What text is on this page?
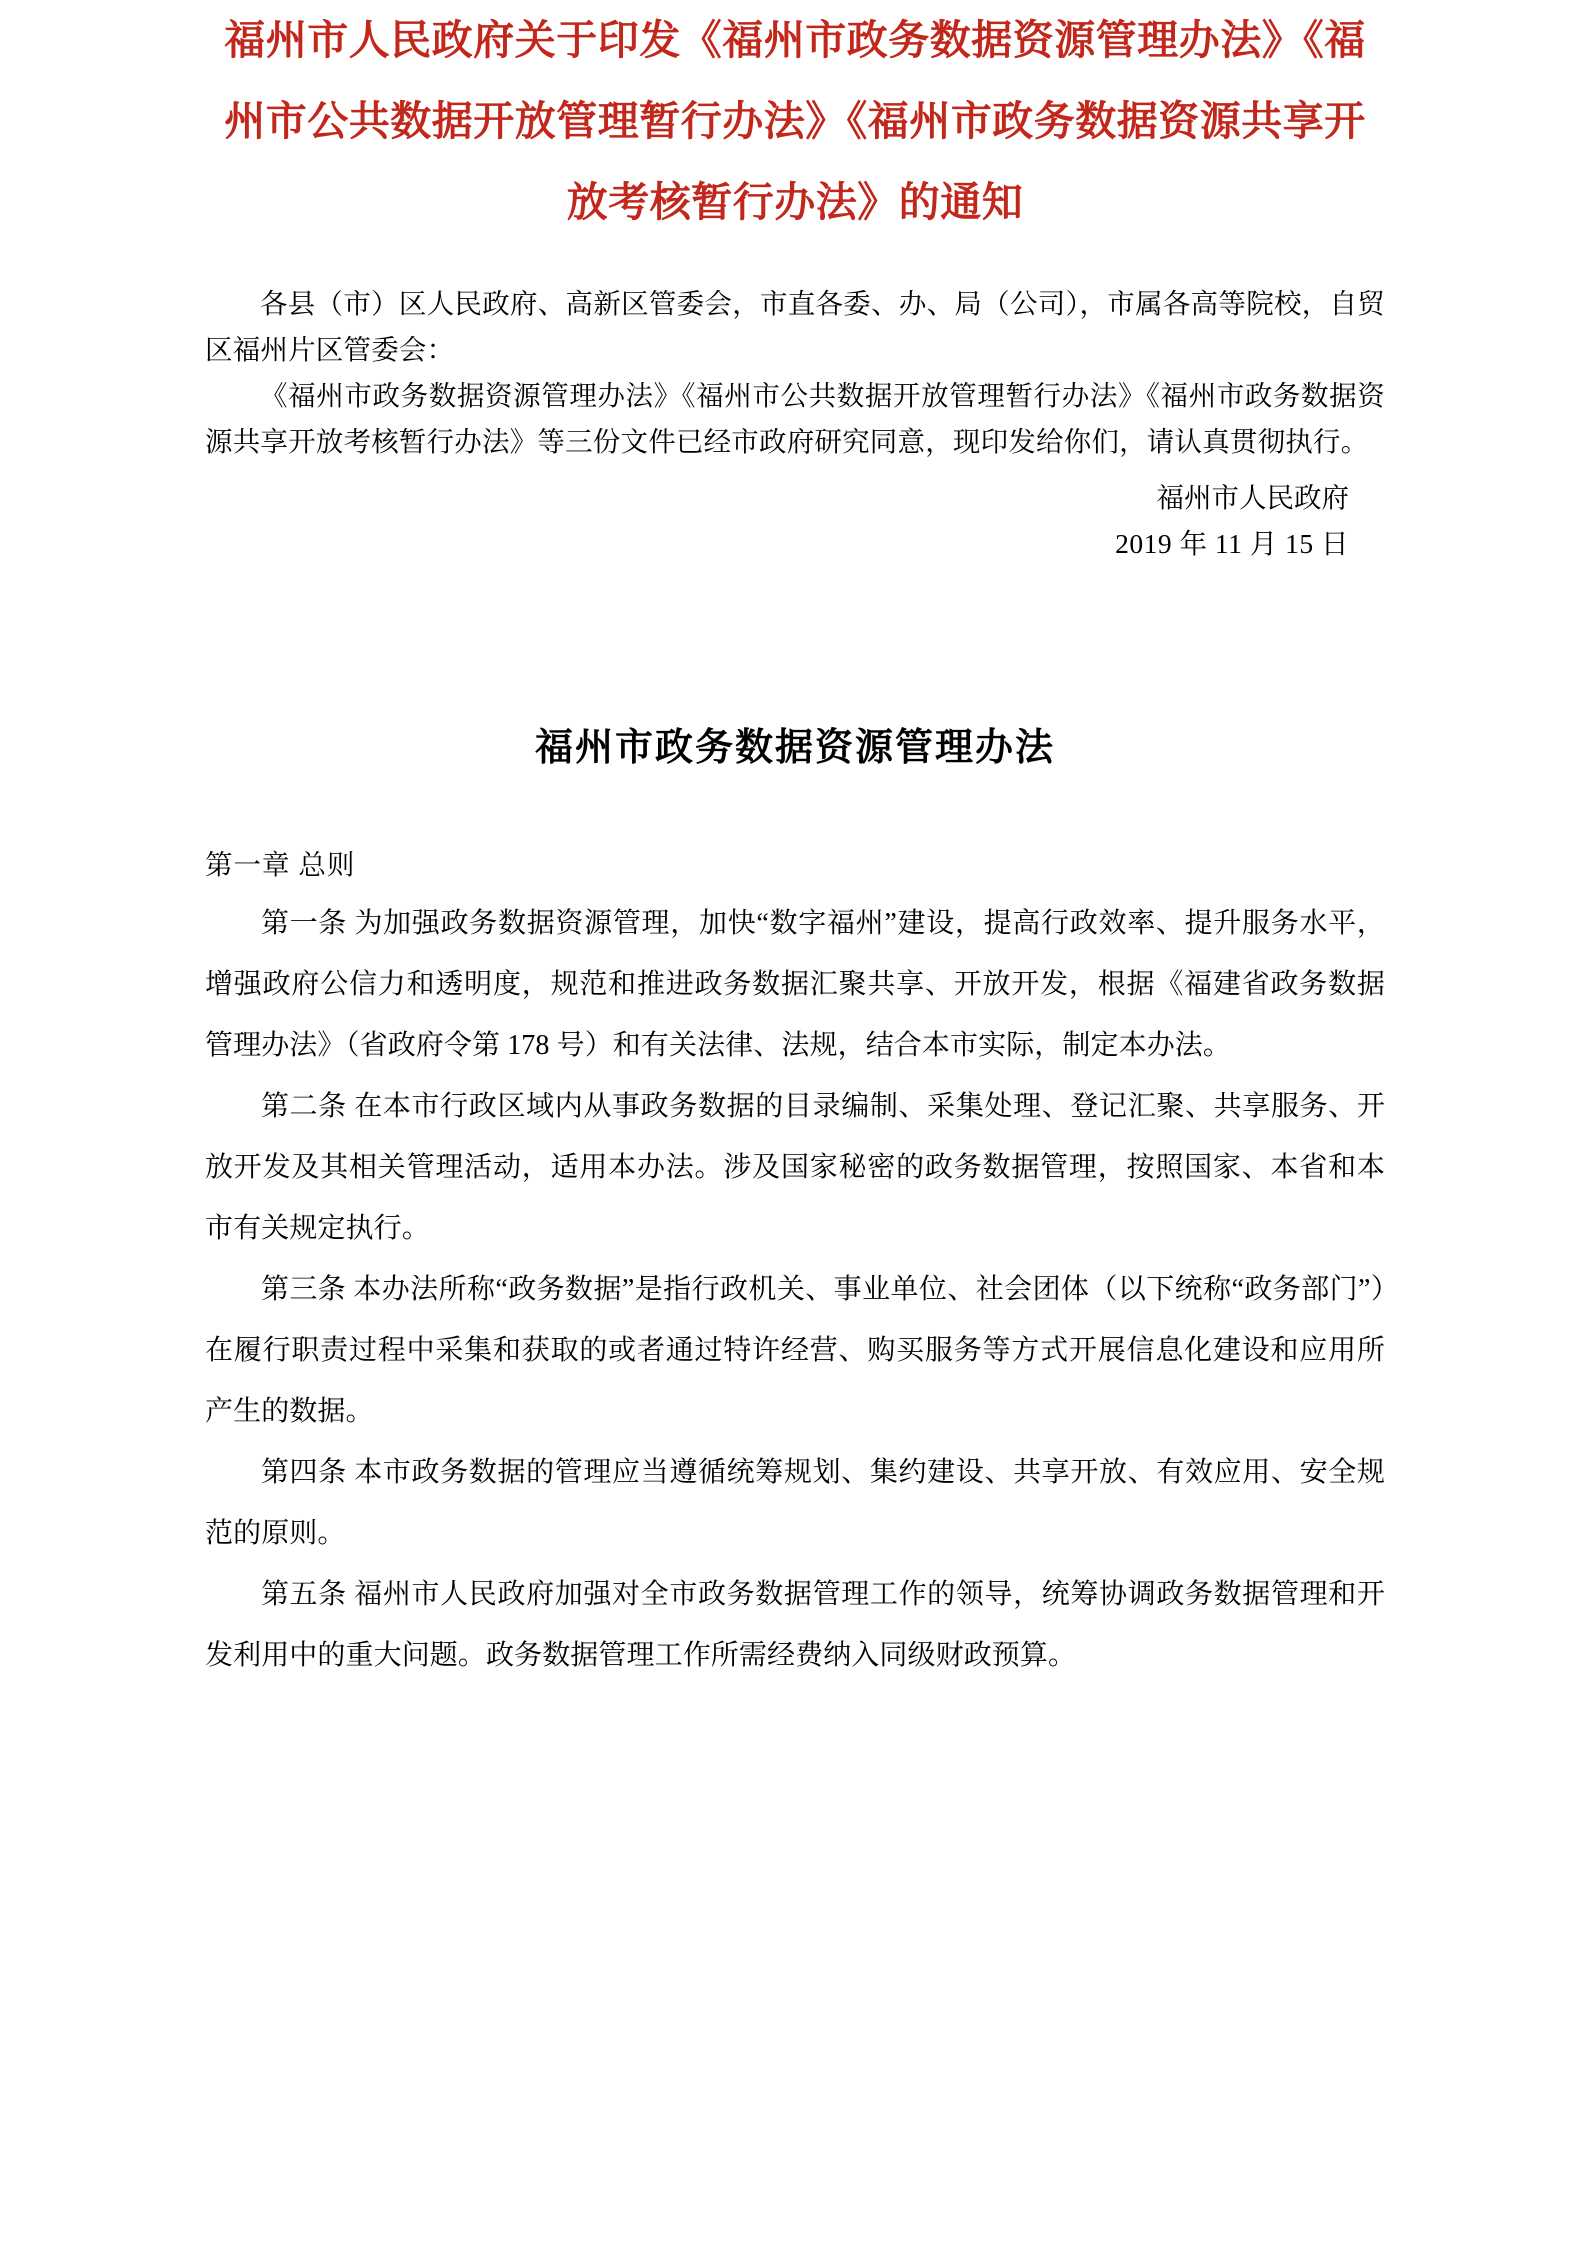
福州市人民政府关于印发《福州市政务数据资源管理办法》《福
州市公共数据开放管理暂行办法》《福州市政务数据资源共享开
放考核暂行办法》的通知

各县（市）区人民政府、高新区管委会，市直各委、办、局（公司），市属各高等院校，自贸区福州片区管委会：

《福州市政务数据资源管理办法》《福州市公共数据开放管理暂行办法》《福州市政务数据资源共享开放考核暂行办法》等三份文件已经市政府研究同意，现印发给你们，请认真贯彻执行。

福州市人民政府
2019 年 11 月 15 日
福州市政务数据资源管理办法

第一章 总则

第一条 为加强政务数据资源管理，加快“数字福州”建设，提高行政效率、提升服务水平，增强政府公信力和透明度，规范和推进政务数据汇聚共享、开放开发，根据《福建省政务数据管理办法》（省政府令第 178 号）和有关法律、法规，结合本市实际，制定本办法。

第二条 在本市行政区域内从事政务数据的目录编制、采集处理、登记汇聚、共享服务、开放开发及其相关管理活动，适用本办法。涉及国家秘密的政务数据管理，按照国家、本省和本市有关规定执行。

第三条 本办法所称“政务数据”是指行政机关、事业单位、社会团体（以下统称“政务部门”）在履行职责过程中采集和获取的或者通过特许经营、购买服务等方式开展信息化建设和应用所产生的数据。

第四条 本市政务数据的管理应当遵循统筹规划、集约建设、共享开放、有效应用、安全规范的原则。

第五条 福州市人民政府加强对全市政务数据管理工作的领导，统筹协调政务数据管理和开发利用中的重大问题。政务数据管理工作所需经费纳入同级财政预算。
